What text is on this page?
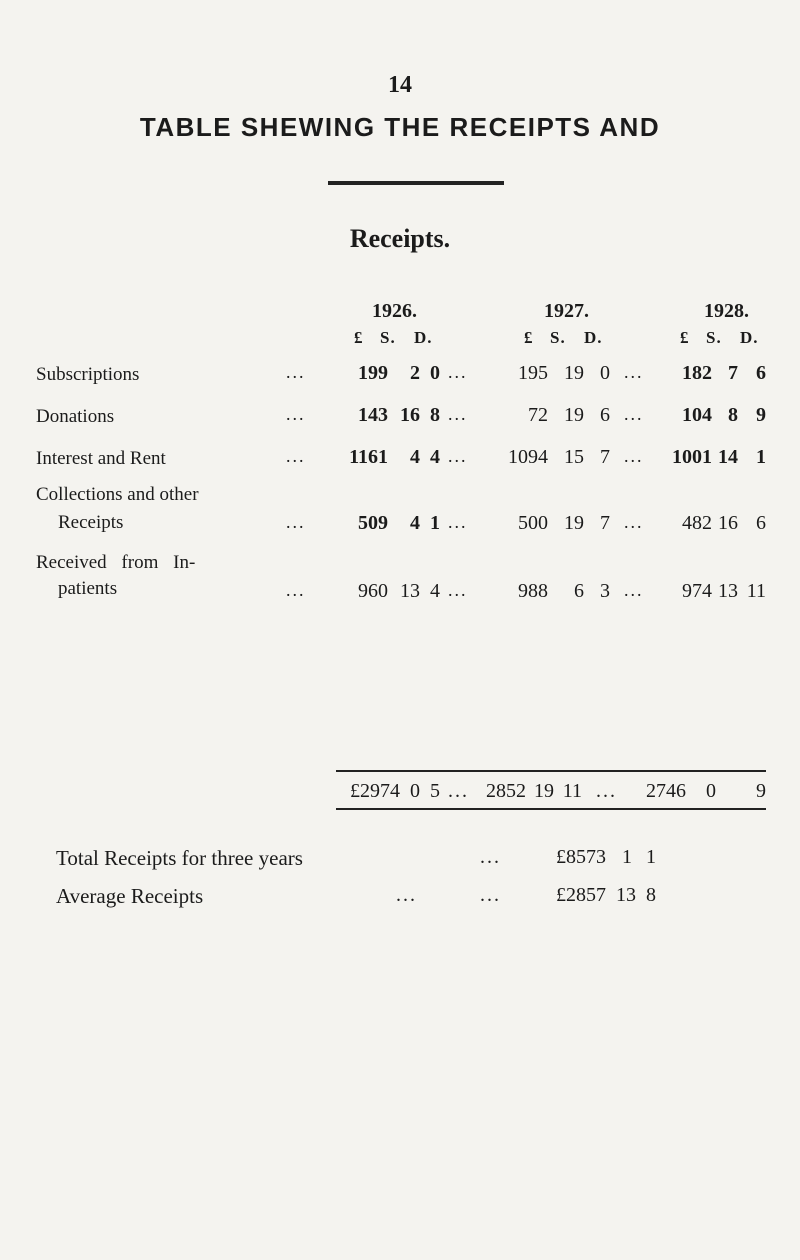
14
TABLE SHEWING THE RECEIPTS AND
Receipts.
1926.	1927.	1928.
£ S. D.	£ S. D.	£ S. D.
Subscriptions	...	199	2 0 ...	195 19 0 ...	182 7 6
Donations	...	143 16 8 ...	72 19 6 ...	104 8 9
Interest and Rent	...	1161	4 4 ...	1094 15 7 ...	1001 14 1
Collections and other
Receipts	...	509	4 1 ...	500 19 7 ...	482 16 6
Received from In-
patients	...	960 13 4 ...	988	6 3 ...	974 13 11
£2974 0 5 ... 2852 19 11 ...	2746	0	9
Total Receipts for three years	...	£8573 1 1
Average Receipts	...	...	£2857 13 8
